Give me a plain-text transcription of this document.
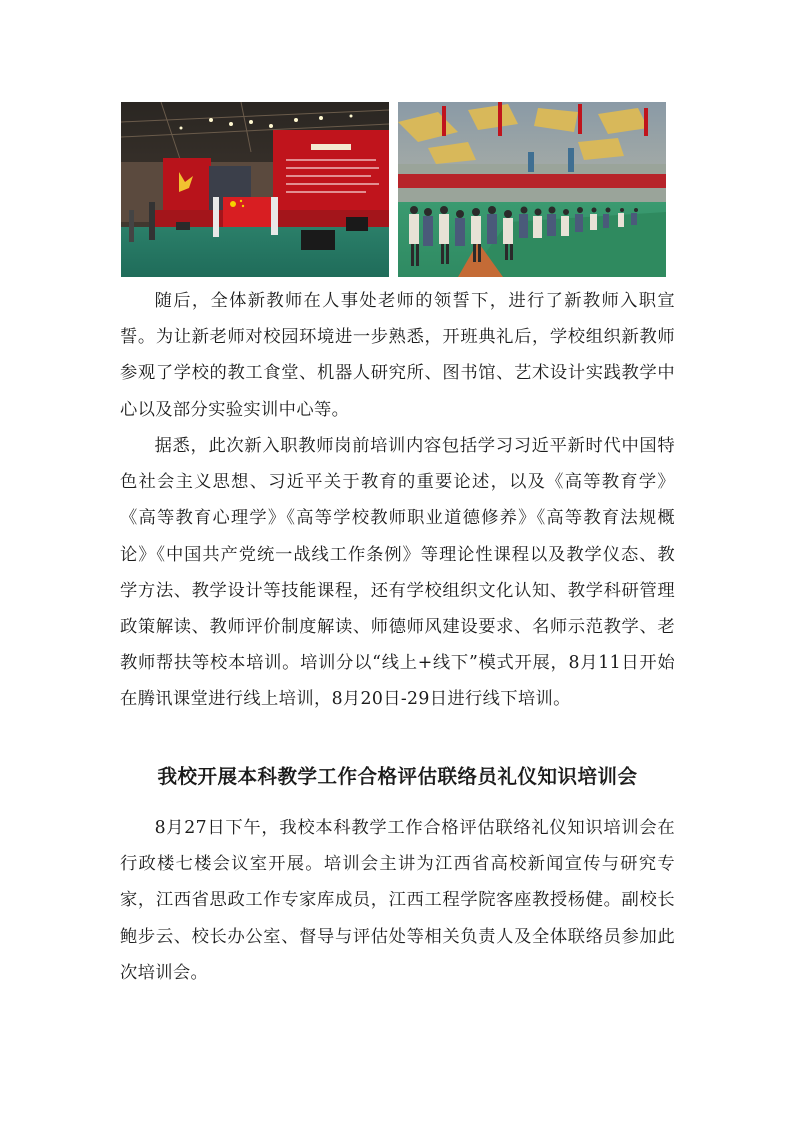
随后，全体新教师在人事处老师的领誓下，进行了新教师入职宣誓。为让新老师对校园环境进一步熟悉，开班典礼后，学校组织新教师参观了学校的教工食堂、机器人研究所、图书馆、艺术设计实践教学中心以及部分实验实训中心等。

据悉，此次新入职教师岗前培训内容包括学习习近平新时代中国特色社会主义思想、习近平关于教育的重要论述，以及《高等教育学》《高等教育心理学》《高等学校教师职业道德修养》《高等教育法规概论》《中国共产党统一战线工作条例》等理论性课程以及教学仪态、教学方法、教学设计等技能课程，还有学校组织文化认知、教学科研管理政策解读、教师评价制度解读、师德师风建设要求、名师示范教学、老教师帮扶等校本培训。培训分以“线上+线下”模式开展，8月11日开始在腾讯课堂进行线上培训，8月20日-29日进行线下培训。

我校开展本科教学工作合格评估联络员礼仪知识培训会

8月27日下午，我校本科教学工作合格评估联络礼仪知识培训会在行政楼七楼会议室开展。培训会主讲为江西省高校新闻宣传与研究专家，江西省思政工作专家库成员，江西工程学院客座教授杨健。副校长鲍步云、校长办公室、督导与评估处等相关负责人及全体联络员参加此次培训会。
